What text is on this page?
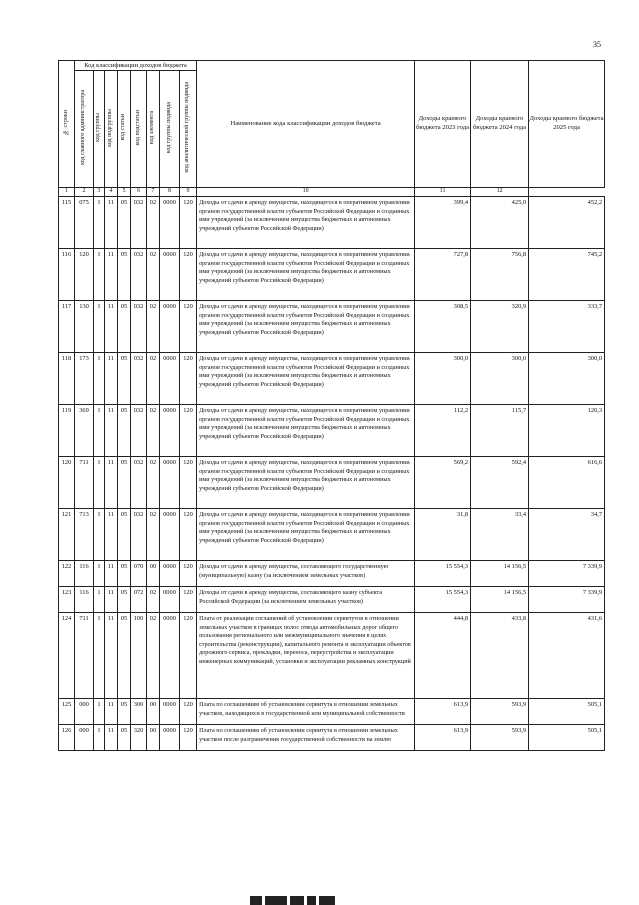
35
№ строки	Код классификации доходов бюджета								Наименование кода классификации доходов бюджета	Доходы краевого бюджета 2023 года	Доходы краевого бюджета 2024 года	Доходы краевого бюджета 2025 года
	код главного администратора	код группы	код подгруппы	код статьи	код подстатьи	код элемента	код группы подвида	код аналитической группы подвида				
1	2	3	4	5	6	7	8	9	10	11	12	
115	075	1	11	05	032	02	0000	120	Доходы от сдачи в аренду имущества, находящегося в оперативном управлении органов государственной власти субъектов Российской Федерации и созданных ими учреждений (за исключением имущества бюджетных и автономных учреждений субъектов Российской Федерации)	399,4	425,0	452,2
116	120	1	11	05	032	02	0000	120	Доходы от сдачи в аренду имущества, находящегося в оперативном управлении органов государственной власти субъектов Российской Федерации и созданных ими учреждений (за исключением имущества бюджетных и автономных учреждений субъектов Российской Федерации)	727,8	756,8	745,2
117	130	1	11	05	032	02	0000	120	Доходы от сдачи в аренду имущества, находящегося в оперативном управлении органов государственной власти субъектов Российской Федерации и созданных ими учреждений (за исключением имущества бюджетных и автономных учреждений субъектов Российской Федерации)	308,5	320,9	333,7
118	173	1	11	05	032	02	0000	120	Доходы от сдачи в аренду имущества, находящегося в оперативном управлении органов государственной власти субъектов Российской Федерации и созданных ими учреждений (за исключением имущества бюджетных и автономных учреждений субъектов Российской Федерации)	300,0	300,0	300,0
119	369	1	11	05	032	02	0000	120	Доходы от сдачи в аренду имущества, находящегося в оперативном управлении органов государственной власти субъектов Российской Федерации и созданных ими учреждений (за исключением имущества бюджетных и автономных учреждений субъектов Российской Федерации)	112,2	115,7	120,3
120	711	1	11	05	032	02	0000	120	Доходы от сдачи в аренду имущества, находящегося в оперативном управлении органов государственной власти субъектов Российской Федерации и созданных ими учреждений (за исключением имущества бюджетных и автономных учреждений субъектов Российской Федерации)	569,2	592,4	616,6
121	713	1	11	05	032	02	0000	120	Доходы от сдачи в аренду имущества, находящегося в оперативном управлении органов государственной власти субъектов Российской Федерации и созданных ими учреждений (за исключением имущества бюджетных и автономных учреждений субъектов Российской Федерации)	31,8	33,4	34,7
122	116	1	11	05	070	00	0000	120	Доходы от сдачи в аренду имущества, составляющего государственную (муниципальную) казну (за исключением земельных участков)	15 554,3	14 156,5	7 339,9
123	116	1	11	05	072	02	0000	120	Доходы от сдачи в аренду имущества, составляющего казну субъекта Российской Федерации (за исключением земельных участков)	15 554,3	14 156,5	7 339,9
124	711	1	11	05	100	02	0000	120	Плата от реализации соглашений об установлении сервитутов в отношении земельных участков в границах полос отвода автомобильных дорог общего пользования регионального или межмуниципального значения в целях строительства (реконструкции), капитального ремонта и эксплуатации объектов дорожного сервиса, прокладки, переноса, переустройства и эксплуатации инженерных коммуникаций, установки и эксплуатации рекламных конструкций	444,8	433,8	431,6
125	000	1	11	05	300	00	0000	120	Плата по соглашениям об установлении сервитута в отношении земельных участков, находящихся в государственной или муниципальной собственности	613,9	593,9	505,1
126	000	1	11	05	320	00	0000	120	Плата по соглашениям об установлении сервитута в отношении земельных участков после разграничения государственной собственности на землю	613,9	593,9	505,1
